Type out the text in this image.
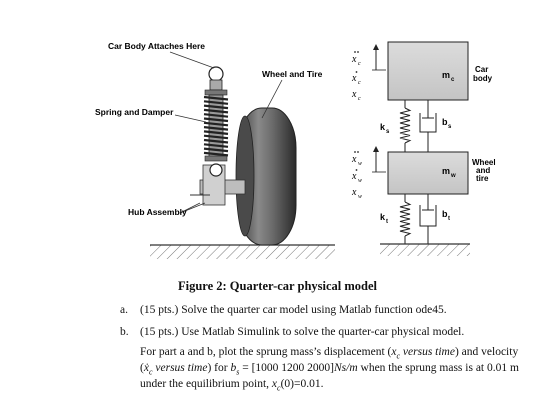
Car Body Attaches Here
Wheel and Tire
Spring and Damper
Hub Assembly
m c
Car
body
k s
b s
m w
Wheel
and
tire
k t
b t
x c
x c
x c
x w
x w
x w
Figure 2: Quarter-car physical model
a. (15 pts.) Solve the quarter car model using Matlab function ode45.
b. (15 pts.) Use Matlab Simulink to solve the quarter-car physical model.
For part a and b, plot the sprung mass’s displacement ($x_c$ versus time) and velocity
(ẋ$_c$ versus time) for $b_s = [1000$ 1200 2000]Ns/m when the sprung mass is at 0.01 m
under the equilibrium point, $x_c(0)=0.01$.
